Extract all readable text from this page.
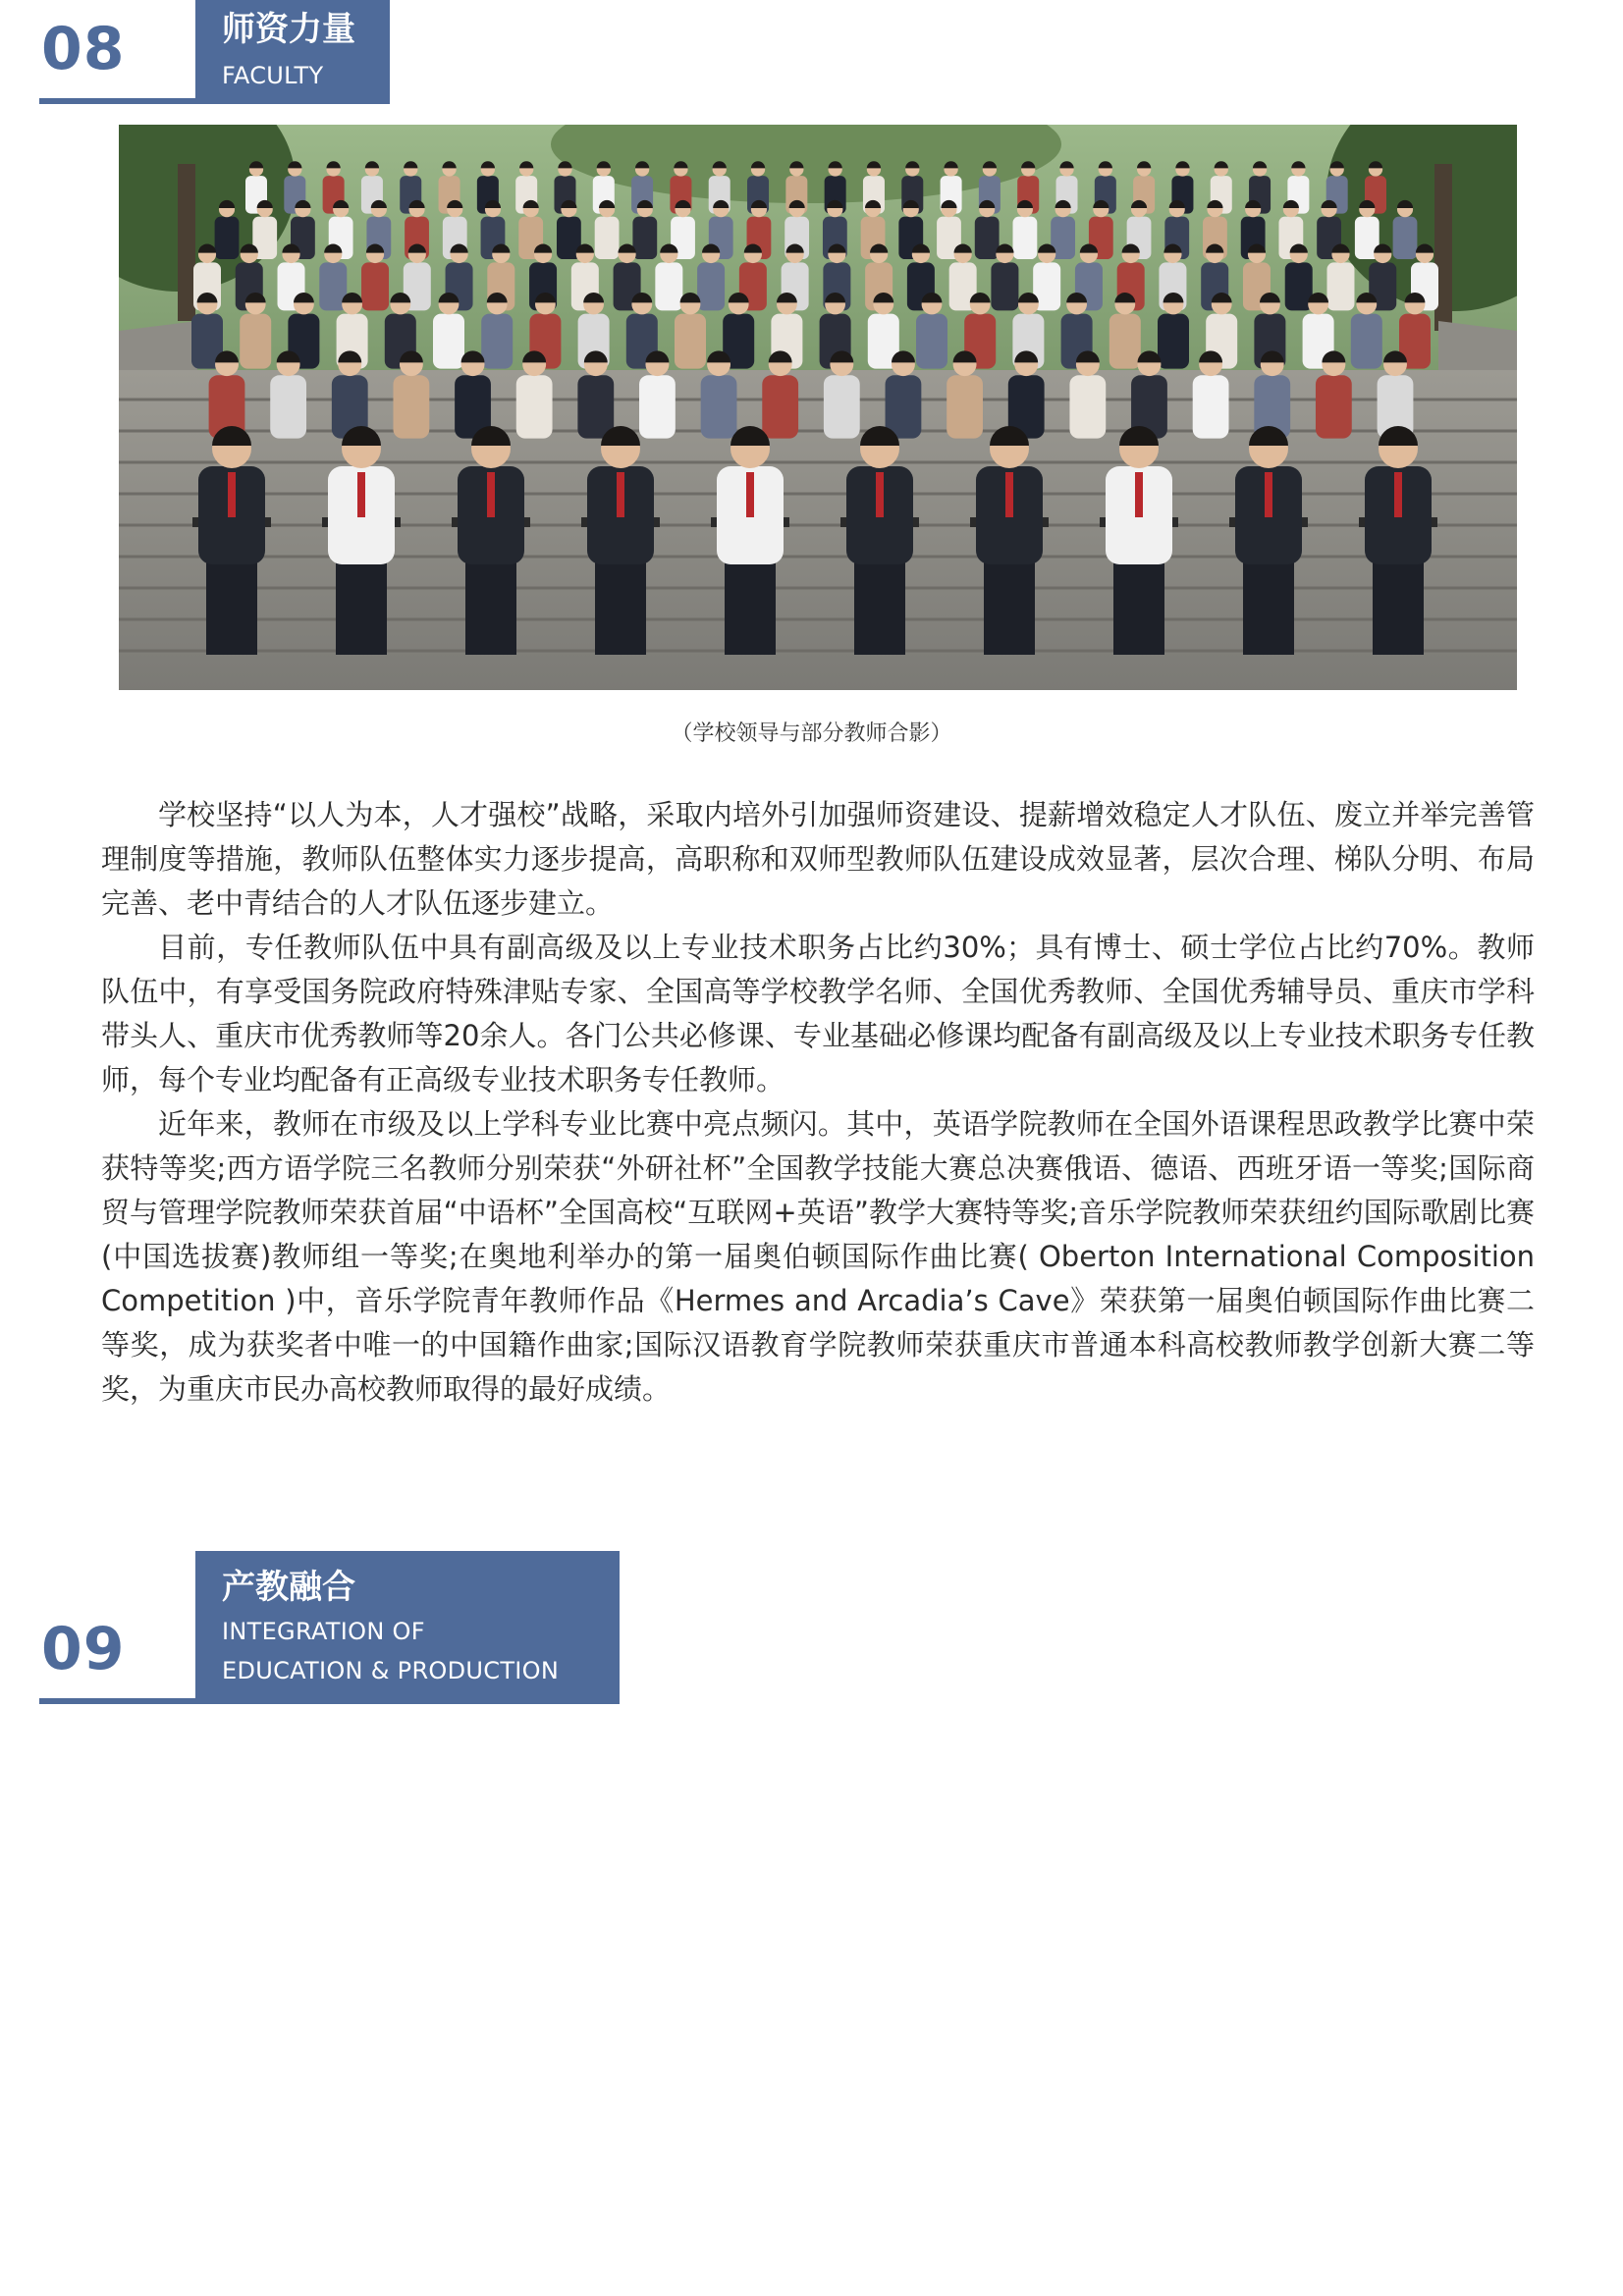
08	师资力量
FACULTY
（学校领导与部分教师合影）

学校坚持“以人为本，人才强校”战略，采取内培外引加强师资建设、提薪增效稳定人才队伍、废立并举完善管理制度等措施，教师队伍整体实力逐步提高，高职称和双师型教师队伍建设成效显著，层次合理、梯队分明、布局完善、老中青结合的人才队伍逐步建立。

目前，专任教师队伍中具有副高级及以上专业技术职务占比约30%；具有博士、硕士学位占比约70%。教师队伍中，有享受国务院政府特殊津贴专家、全国高等学校教学名师、全国优秀教师、全国优秀辅导员、重庆市学科带头人、重庆市优秀教师等20余人。各门公共必修课、专业基础必修课均配备有副高级及以上专业技术职务专任教师，每个专业均配备有正高级专业技术职务专任教师。

近年来，教师在市级及以上学科专业比赛中亮点频闪。其中，英语学院教师在全国外语课程思政教学比赛中荣获特等奖;西方语学院三名教师分别荣获“外研社杯”全国教学技能大赛总决赛俄语、德语、西班牙语一等奖;国际商贸与管理学院教师荣获首届“中语杯”全国高校“互联网+英语”教学大赛特等奖;音乐学院教师荣获纽约国际歌剧比赛(中国选拔赛)教师组一等奖;在奥地利举办的第一届奥伯顿国际作曲比赛( Oberton International Composition Competition )中，音乐学院青年教师作品《Hermes and Arcadia’s Cave》荣获第一届奥伯顿国际作曲比赛二等奖，成为获奖者中唯一的中国籍作曲家;国际汉语教育学院教师荣获重庆市普通本科高校教师教学创新大赛二等奖，为重庆市民办高校教师取得的最好成绩。

09
产教融合
INTEGRATION OF
EDUCATION & PRODUCTION
